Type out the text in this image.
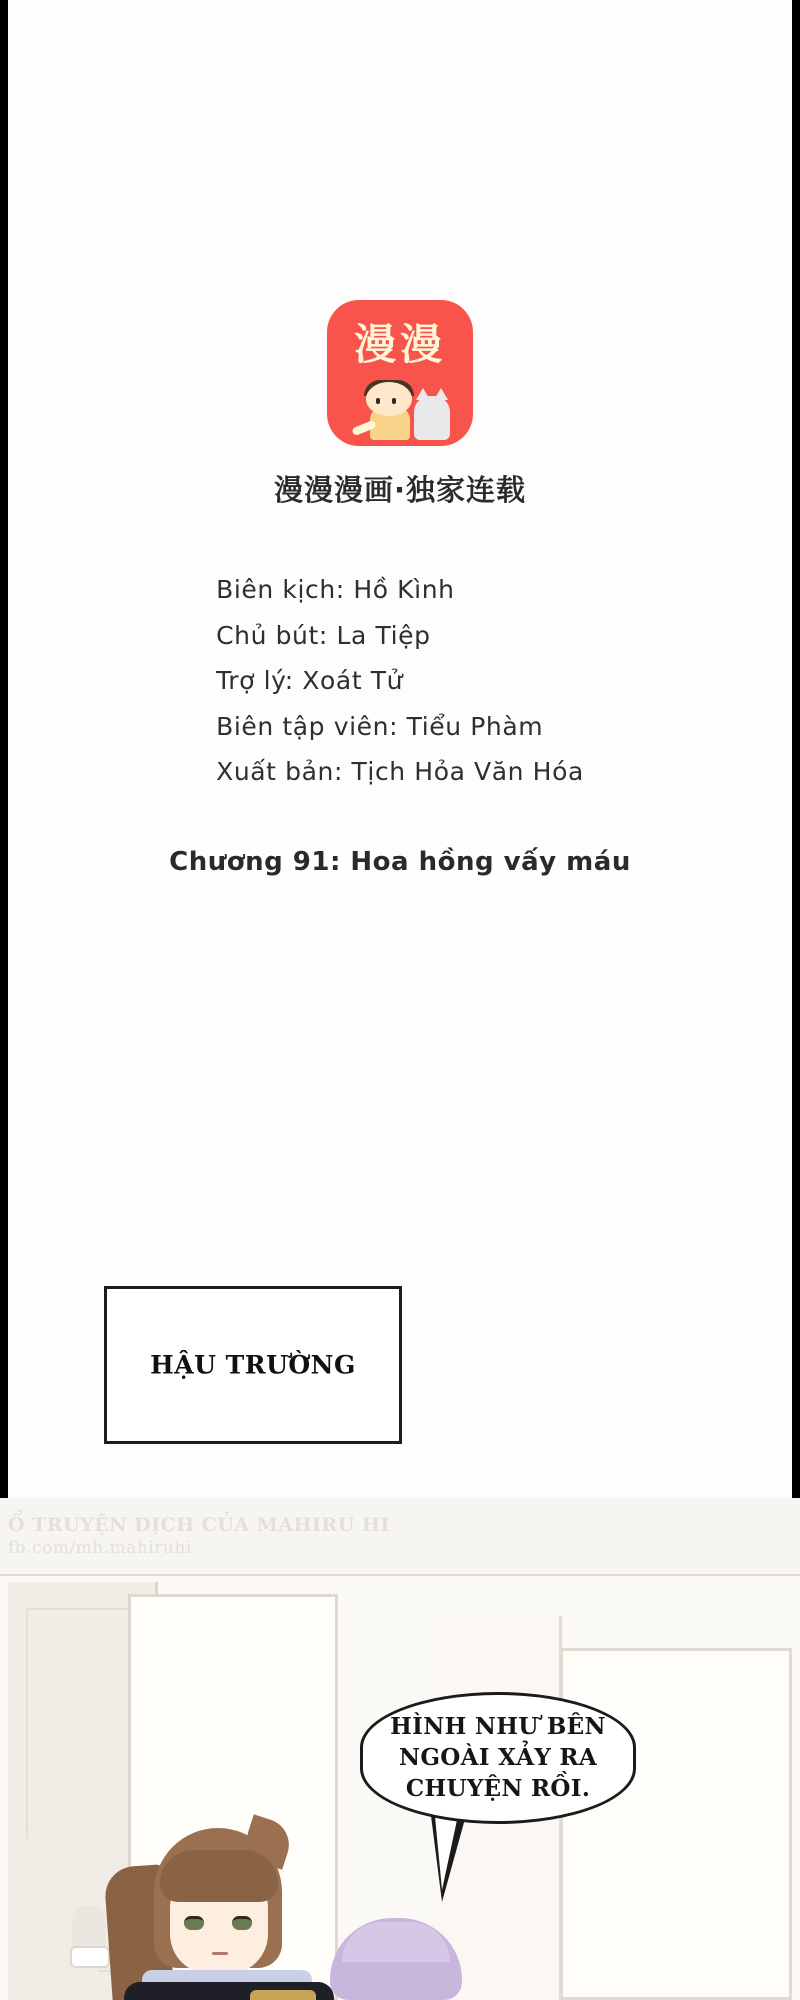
漫漫
漫漫漫画·独家连载
Biên kịch: Hồ Kình
Chủ bút: La Tiệp
Trợ lý: Xoát Tử
Biên tập viên: Tiểu Phàm
Xuất bản: Tịch Hỏa Văn Hóa
Chương 91: Hoa hồng vấy máu
HẬU TRƯỜNG
Ổ TRUYỆN DỊCH CỦA MAHIRU HI
fb.com/mh.mahiruhi
HÌNH NHƯ BÊN NGOÀI XẢY RA CHUYỆN RỒI.
